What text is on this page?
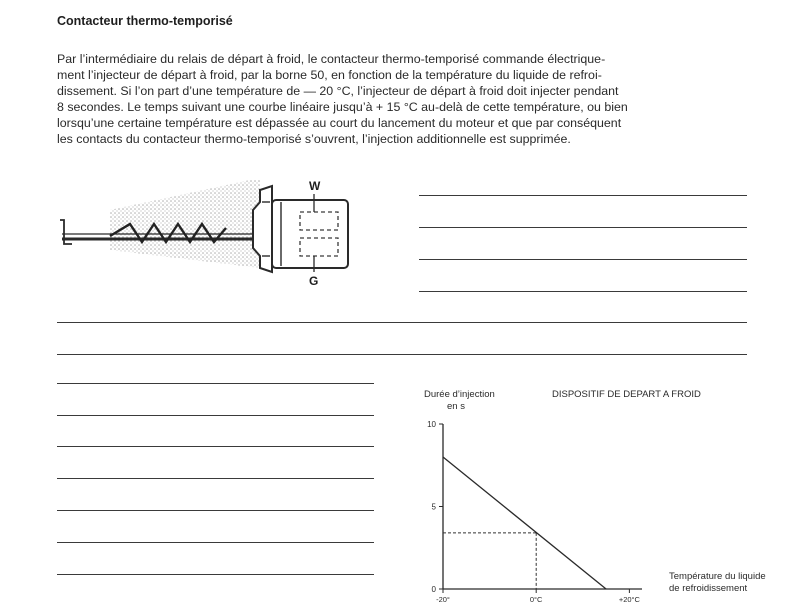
Contacteur thermo-temporisé

Par l’intermédiaire du relais de départ à froid, le contacteur thermo-temporisé commande électrique-
ment l’injecteur de départ à froid, par la borne 50, en fonction de la température du liquide de refroi-
dissement. Si l’on part d’une température de — 20 °C, l’injecteur de départ à froid doit injecter pendant
8 secondes. Le temps suivant une courbe linéaire jusqu’à + 15 °C au-delà de cette température, ou bien
lorsqu’une certaine température est dépassée au court du lancement du moteur et que par conséquent
les contacts du contacteur thermo-temporisé s’ouvrent, l’injection additionnelle est supprimée.

W
G
Durée d’injection
en s
DISPOSITIF DE DEPART A FROID
Température du liquide
de refroidissement
0
5
10
-20°	0°C	+20°C
